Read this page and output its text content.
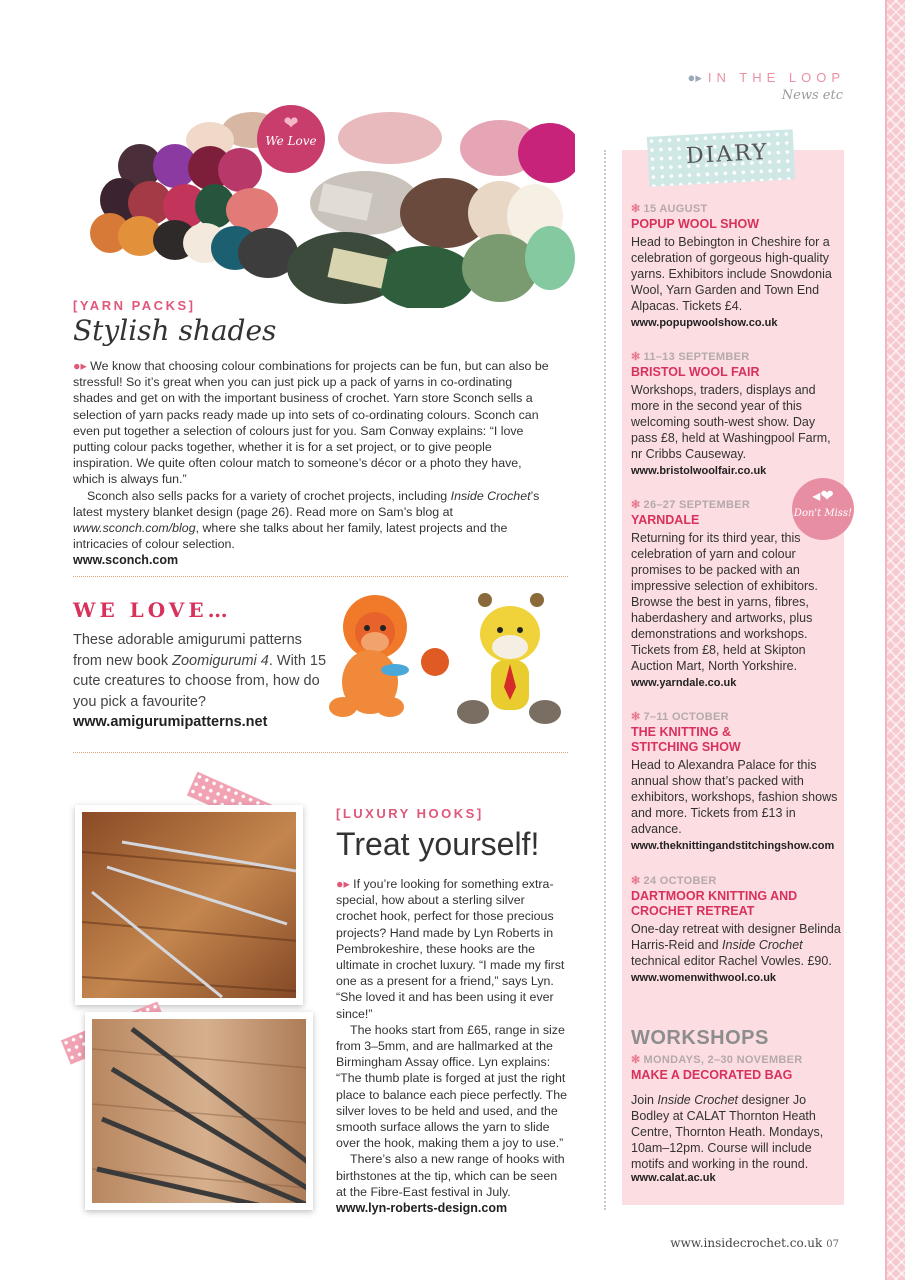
●▸ IN THE LOOP
News etc
❤
We Love
[YARN PACKS]
Stylish shades

●▸ We know that choosing colour combinations for projects can be fun, but can also be stressful! So it’s great when you can just pick up a pack of yarns in co-ordinating shades and get on with the important business of crochet. Yarn store Sconch sells a selection of yarn packs ready made up into sets of co-ordinating colours. Sconch can even put together a selection of colours just for you. Sam Conway explains: “I love putting colour packs together, whether it is for a set project, or to give people inspiration. We quite often colour match to someone’s décor or a photo they have, which is always fun.”

Sconch also sells packs for a variety of crochet projects, including Inside Crochet’s latest mystery blanket design (page 26). Read more on Sam’s blog at www.sconch.com/blog, where she talks about her family, latest projects and the intricacies of colour selection.

www.sconch.com

WE LOVE…
These adorable amigurumi patterns from new book Zoomigurumi 4. With 15 cute creatures to choose from, how do you pick a favourite?
www.amigurumipatterns.net
[LUXURY HOOKS]
Treat yourself!

●▸ If you’re looking for something extra-special, how about a sterling silver crochet hook, perfect for those precious projects? Hand made by Lyn Roberts in Pembrokeshire, these hooks are the ultimate in crochet luxury. “I made my first one as a present for a friend,” says Lyn. “She loved it and has been using it ever since!”

The hooks start from £65, range in size from 3–5mm, and are hallmarked at the Birmingham Assay office. Lyn explains: “The thumb plate is forged at just the right place to balance each piece perfectly. The silver loves to be held and used, and the smooth surface allows the yarn to slide over the hook, making them a joy to use.”

There’s also a new range of hooks with birthstones at the tip, which can be seen at the Fibre-East festival in July.

www.lyn-roberts-design.com

DIARY
✻ 15 AUGUST
POPUP WOOL SHOW
Head to Bebington in Cheshire for a celebration of gorgeous high-quality yarns. Exhibitors include Snowdonia Wool, Yarn Garden and Town End Alpacas. Tickets £4.
www.popupwoolshow.co.uk
✻ 11–13 SEPTEMBER
BRISTOL WOOL FAIR
Workshops, traders, displays and more in the second year of this welcoming south-west show. Day pass £8, held at Washingpool Farm, nr Cribbs Causeway.
www.bristolwoolfair.co.uk
✻ 26–27 SEPTEMBER
YARNDALE
Returning for its third year, this celebration of yarn and colour promises to be packed with an impressive selection of exhibitors. Browse the best in yarns, fibres, haberdashery and artworks, plus demonstrations and workshops. Tickets from £8, held at Skipton Auction Mart, North Yorkshire.
www.yarndale.co.uk
✻ 7–11 OCTOBER
THE KNITTING & STITCHING SHOW
Head to Alexandra Palace for this annual show that’s packed with exhibitors, workshops, fashion shows and more. Tickets from £13 in advance.
www.theknittingandstitchingshow.com
✻ 24 OCTOBER
DARTMOOR KNITTING AND CROCHET RETREAT
One-day retreat with designer Belinda Harris-Reid and Inside Crochet technical editor Rachel Vowles. £90.
www.womenwithwool.co.uk
WORKSHOPS
✻ MONDAYS, 2–30 NOVEMBER
MAKE A DECORATED BAG
Join Inside Crochet designer Jo Bodley at CALAT Thornton Heath Centre, Thornton Heath. Mondays, 10am–12pm. Course will include motifs and working in the round.
www.calat.ac.uk
◂❤
Don't Miss!
www.insidecrochet.co.uk 07
